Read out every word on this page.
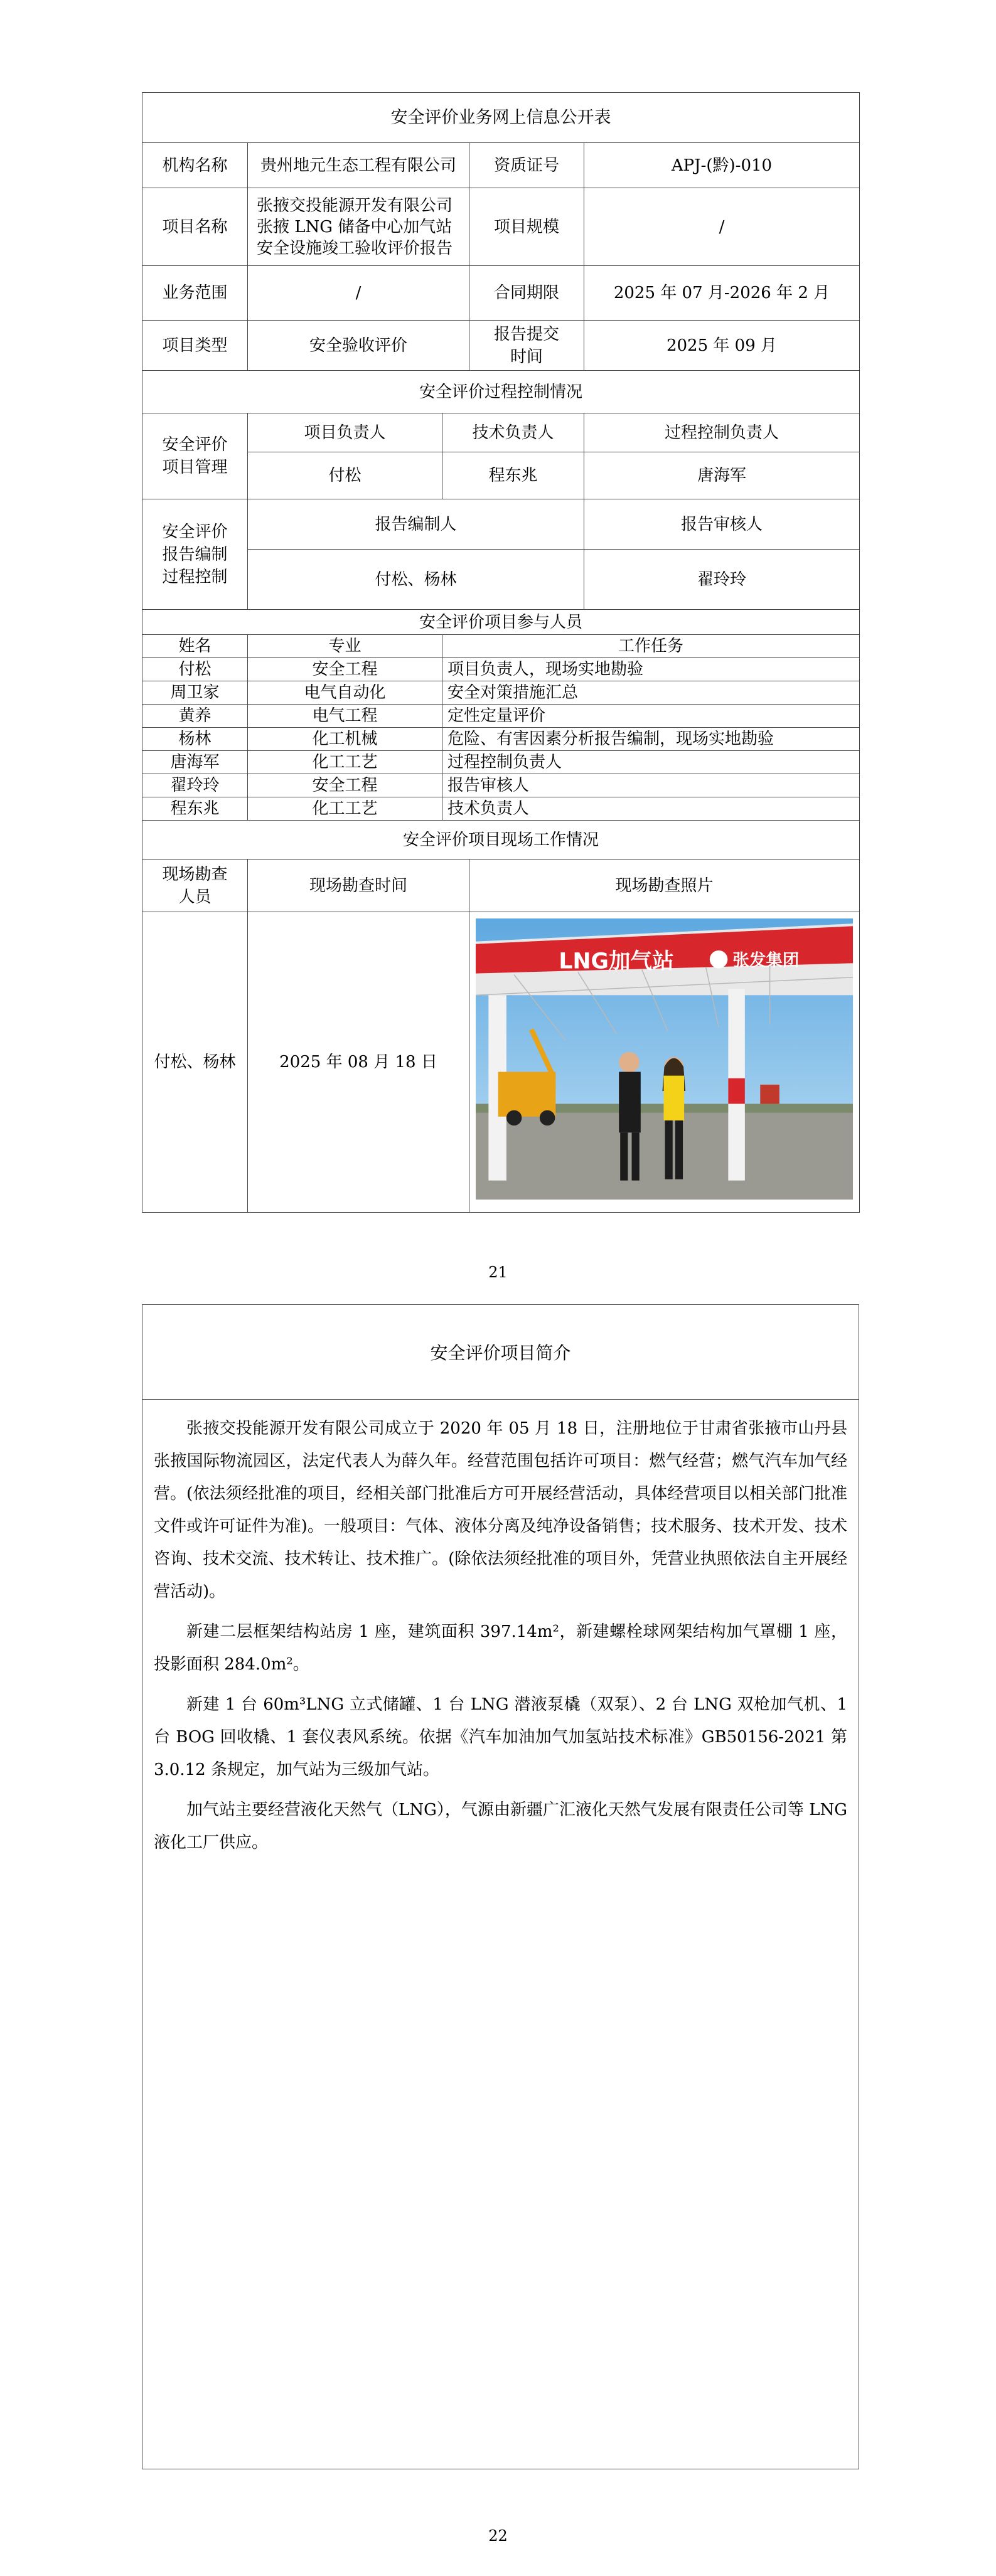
安全评价业务网上信息公开表				
机构名称	贵州地元生态工程有限公司		资质证号	APJ-(黔)-010
项目名称	张掖交投能源开发有限公司张掖 LNG 储备中心加气站安全设施竣工验收评价报告		项目规模	/
业务范围	/		合同期限	2025 年 07 月-2026 年 2 月
项目类型	安全验收评价		报告提交时间	2025 年 09 月
安全评价过程控制情况				
安全评价项目管理	项目负责人	技术负责人		过程控制负责人
	付松	程东兆		唐海军
安全评价报告编制过程控制	报告编制人			报告审核人
	付松、杨林			翟玲玲
安全评价项目参与人员				
姓名	专业	工作任务		
付松	安全工程	项目负责人，现场实地勘验		
周卫家	电气自动化	安全对策措施汇总		
黄养	电气工程	定性定量评价		
杨林	化工机械	危险、有害因素分析报告编制，现场实地勘验		
唐海军	化工工艺	过程控制负责人		
翟玲玲	安全工程	报告审核人		
程东兆	化工工艺	技术负责人		
安全评价项目现场工作情况				
现场勘查人员	现场勘查时间		现场勘查照片	
付松、杨林	2025 年 08 月 18 日		LNG加气站 张发集团	
21
安全评价项目简介

张掖交投能源开发有限公司成立于 2020 年 05 月 18 日，注册地位于甘肃省张掖市山丹县张掖国际物流园区，法定代表人为薛久年。经营范围包括许可项目：燃气经营；燃气汽车加气经营。(依法须经批准的项目，经相关部门批准后方可开展经营活动，具体经营项目以相关部门批准文件或许可证件为准)。一般项目：气体、液体分离及纯净设备销售；技术服务、技术开发、技术咨询、技术交流、技术转让、技术推广。(除依法须经批准的项目外，凭营业执照依法自主开展经营活动)。

新建二层框架结构站房 1 座，建筑面积 397.14m²，新建螺栓球网架结构加气罩棚 1 座，投影面积 284.0m²。

新建 1 台 60m³LNG 立式储罐、1 台 LNG 潜液泵橇（双泵）、2 台 LNG 双枪加气机、1 台 BOG 回收橇、1 套仪表风系统。依据《汽车加油加气加氢站技术标准》GB50156-2021 第 3.0.12 条规定，加气站为三级加气站。

加气站主要经营液化天然气（LNG），气源由新疆广汇液化天然气发展有限责任公司等 LNG 液化工厂供应。

22
